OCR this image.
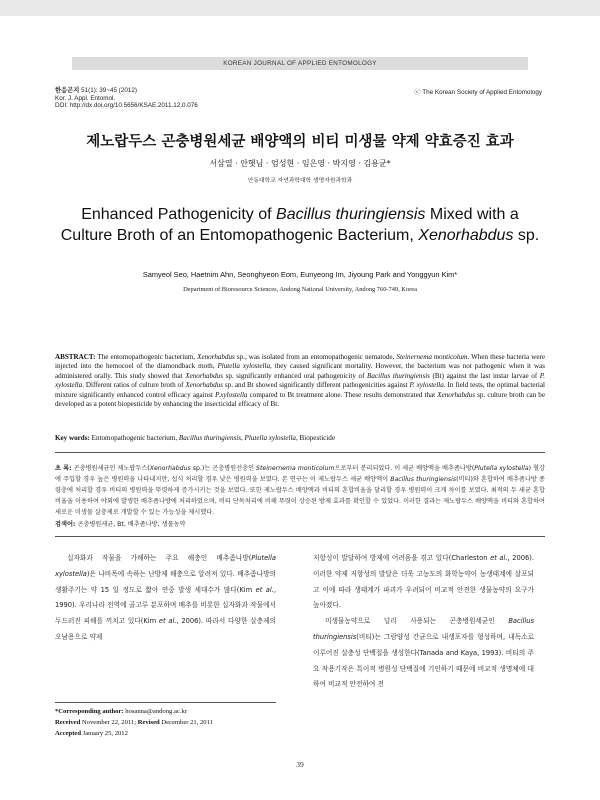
KOREAN JOURNAL OF APPLIED ENTOMOLOGY
한응곤지 51(1): 39~45 (2012)
Kor. J. Appl. Entomol.
DOI: http://dx.doi.org/10.5656/KSAE.2011.12.0.076
ⓒ The Korean Society of Applied Entomology
제노랍두스 곤충병원세균 배양액의 비티 미생물 약제 약효증진 효과
서삼열 · 안햇님 · 엄성현 · 임은영 · 박지영 · 김용균*
안동대학교 자연과학대학 생명자원과학과
Enhanced Pathogenicity of Bacillus thuringiensis Mixed with a Culture Broth of an Entomopathogenic Bacterium, Xenorhabdus sp.
Samyeol Seo, Haetnim Ahn, Seonghyeon Eom, Eunyeong Im, Jiyoung Park and Yonggyun Kim*
Department of Bioresource Sciences, Andong National University, Andong 760-749, Korea
ABSTRACT: The entomopathogenic bacterium, Xenorhabdus sp., was isolated from an entomopathogenic nematode, Steinernema monticolum. When these bacteria were injected into the hemocoel of the diamondback moth, Plutella xylostella, they caused significant mortality. However, the bacterium was not pathogenic when it was administered orally. This study showed that Xenorhabdus sp. significantly enhanced oral pathogenicity of Bacillus thuringiensis (Bt) against the last instar larvae of P. xylostella. Different ratios of culture broth of Xenorhabdus sp. and Bt showed significantly different pathogenicities against P. xylostella. In field tests, the optimal bacterial mixture significantly enhanced control efficacy against P.xylostella compared to Bt treatment alone. These results demonstrated that Xenorhabdus sp. culture broth can be developed as a potent biopesticide by enhancing the insecticidal efficacy of Bt.
Key words: Entomopathogenic bacterium, Bacillus thuringiensis, Plutella xylostella, Biopesticide
초 록: 곤충병원세균인 제노랍두스(Xenorhabdus sp.)는 곤충병원선충인 Steinernema monticolum으로부터 분리되었다. 이 세균 배양액을 배추좀나방(Plutella xylostella) 혈강에 주입할 경우 높은 병원력을 나타내지만, 섭식 처리할 경우 낮은 병원력을 보였다. 본 연구는 이 제노랍두스 세균 배양액이 Bacillus thuringiensis(비티)와 혼합하여 배추좀나방 종령충에 처리할 경우 비티의 병원력을 뚜렷하게 증가시키는 것을 보였다. 또한 제노랍두스 배양액과 비티의 혼합비율을 달리할 경우 병원력이 크게 차이를 보였다. 최적의 두 세균 혼합비율을 이용하여 야외에 발생한 배추좀나방에 처리하였으며, 비티 단독처리에 비해 뚜렷이 상승된 방제 효과를 확인할 수 있었다. 이러한 결과는 제노랍두스 배양액을 비티와 혼합하여 새로운 미생물 살충제로 개발할 수 있는 가능성을 제시했다.
검색어: 곤충병원세균, Bt, 배추좀나방, 생물농약

십자화과 작물을 가해하는 주요 해충인 배추좀나방(Plutella xylostella)은 나비목에 속하는 난방제 해충으로 알려져 있다. 배추좀나방의 생활주기는 약 15 일 정도로 짧아 연중 발생 세대수가 많다(Kim et al., 1990). 우리나라 전역에 골고루 분포하며 배추를 비롯한 십자화과 작물에서 두드러진 피해를 끼치고 있다(Kim et al., 2006). 따라서 다양한 살충제의 오남용으로 약제

저항성이 발달하여 방제에 어려움을 겪고 있다(Charleston et al., 2006). 이러한 약제 저항성의 발달은 더욱 고농도의 화학농약이 농생태계에 살포되고 이에 따라 생태계가 파괴가 우려되어 비교적 안전한 생물농약의 요구가 높아졌다.

미생물농약으로 널리 사용되는 곤충병원세균인 Bacillus thuringiensis(비티)는 그람양성 간균으로 내생포자를 형성하며, 내독소로 이루어진 살충성 단백질을 생성한다(Tanada and Kaya, 1993). 비티의 주요 작용기작은 특이적 병원성 단백질에 기인하기 때문에 비교적 생명체에 대하여 비교적 안전하여 전

*Corresponding author: hosanna@andong.ac.kr
Received November 22, 2011; Revised December 21, 2011
Accepted January 25, 2012
39
